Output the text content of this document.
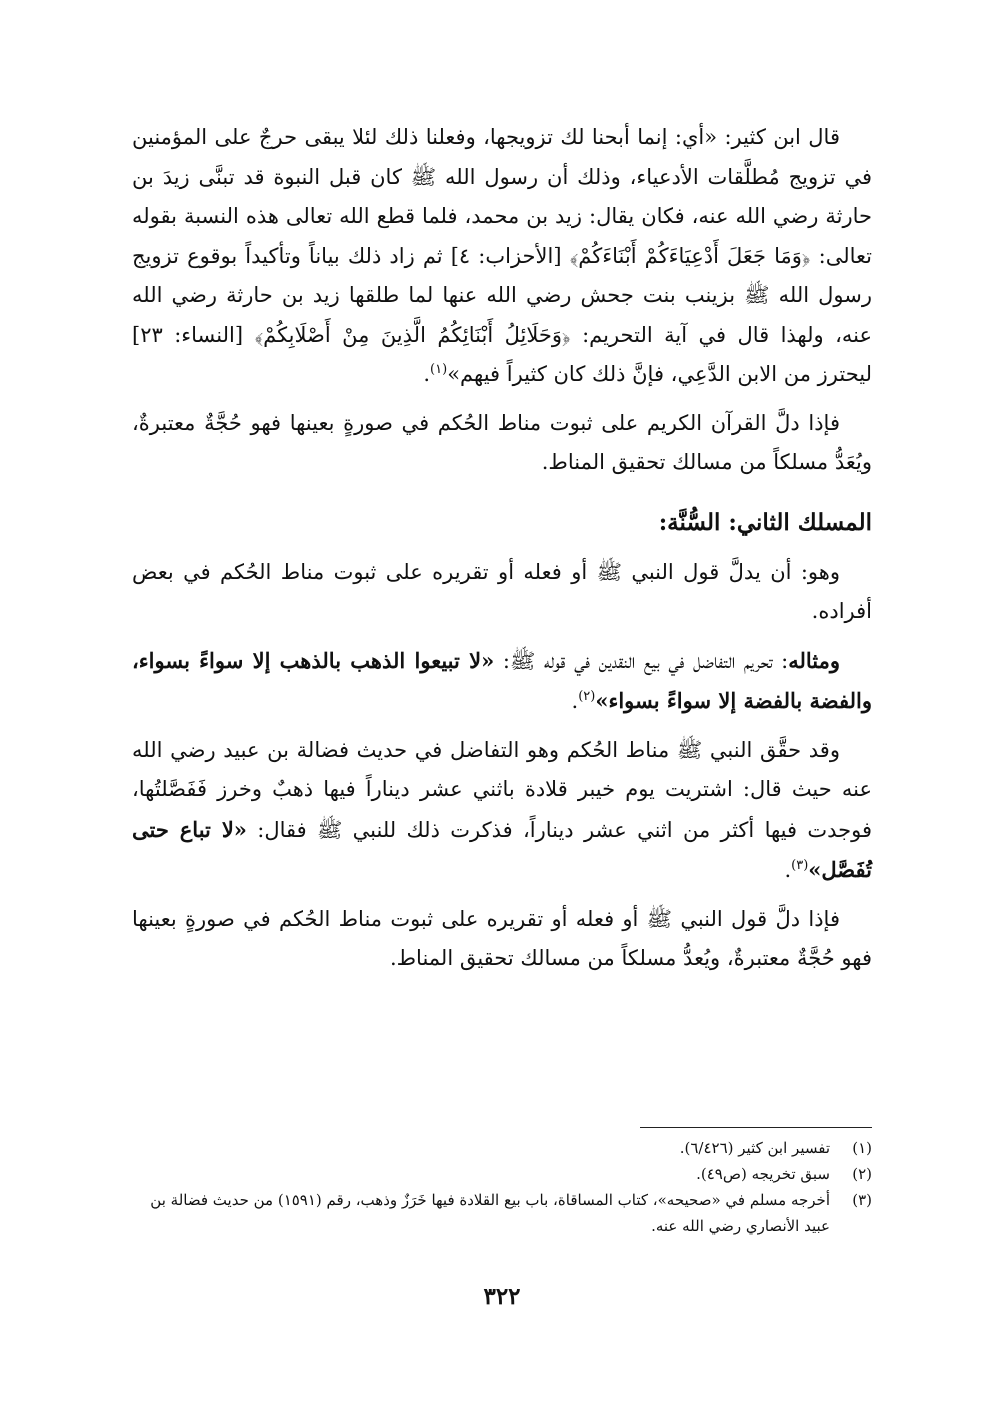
قال ابن كثير: «أي: إنما أبحنا لك تزويجها، وفعلنا ذلك لئلا يبقى حرجٌ على المؤمنين في تزويج مُطلَّقات الأدعياء، وذلك أن رسول الله ﷺ كان قبل النبوة قد تبنَّى زيدَ بن حارثة رضي الله عنه، فكان يقال: زيد بن محمد، فلما قطع الله تعالى هذه النسبة بقوله تعالى: ﴿وَمَا جَعَلَ أَدْعِيَاءَكُمْ أَبْنَاءَكُمْ﴾ [الأحزاب: ٤] ثم زاد ذلك بياناً وتأكيداً بوقوع تزويج رسول الله ﷺ بزينب بنت جحش رضي الله عنها لما طلقها زيد بن حارثة رضي الله عنه، ولهذا قال في آية التحريم: ﴿وَحَلَائِلُ أَبْنَائِكُمُ الَّذِينَ مِنْ أَصْلَابِكُمْ﴾ [النساء: ٢٣] ليحترز من الابن الدَّعِي، فإنَّ ذلك كان كثيراً فيهم»$^{(١)}$.

فإذا دلَّ القرآن الكريم على ثبوت مناط الحُكم في صورةٍ بعينها فهو حُجَّةٌ معتبرةٌ، ويُعَدُّ مسلكاً من مسالك تحقيق المناط.

المسلك الثاني: السُّنَّة:

وهو: أن يدلَّ قول النبي ﷺ أو فعله أو تقريره على ثبوت مناط الحُكم في بعض أفراده.

ومثاله: تحريم التفاضل في بيع النقدين في قوله ﷺ: «لا تبيعوا الذهب بالذهب إلا سواءً بسواء، والفضة بالفضة إلا سواءً بسواء»$^{(٢)}$.

وقد حقَّق النبي ﷺ مناط الحُكم وهو التفاضل في حديث فضالة بن عبيد رضي الله عنه حيث قال: اشتريت يوم خيبر قلادة باثني عشر ديناراً فيها ذهبٌ وخرز فَفَصَّلتُها، فوجدت فيها أكثر من اثني عشر ديناراً، فذكرت ذلك للنبي ﷺ فقال: «لا تباع حتى تُفَصَّل»$^{(٣)}$.

فإذا دلَّ قول النبي ﷺ أو فعله أو تقريره على ثبوت مناط الحُكم في صورةٍ بعينها فهو حُجَّةٌ معتبرةٌ، ويُعدُّ مسلكاً من مسالك تحقيق المناط.

(١)
تفسير ابن كثير (٦/٤٢٦).
(٢)
سبق تخريجه (ص٤٩).
(٣)
أخرجه مسلم في «صحيحه»، كتاب المساقاة، باب بيع القلادة فيها خَرَزٌ وذهب، رقم (١٥٩١) من حديث فضالة بن عبيد الأنصاري رضي الله عنه.
٣٢٢
